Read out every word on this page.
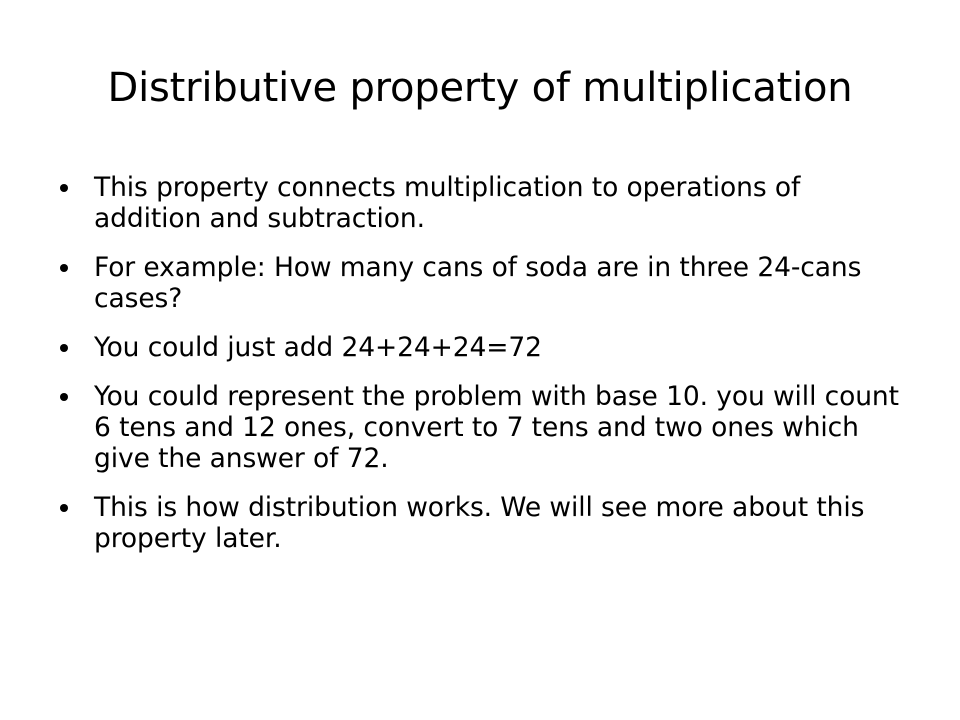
Distributive property of multiplication
This property connects multiplication to operations of addition and subtraction.
For example: How many cans of soda are in three 24-cans cases?
You could just add 24+24+24=72
You could represent the problem with base 10. you will count 6 tens and 12 ones, convert to 7 tens and two ones which give the answer of 72.
This is how distribution works. We will see more about this property later.
